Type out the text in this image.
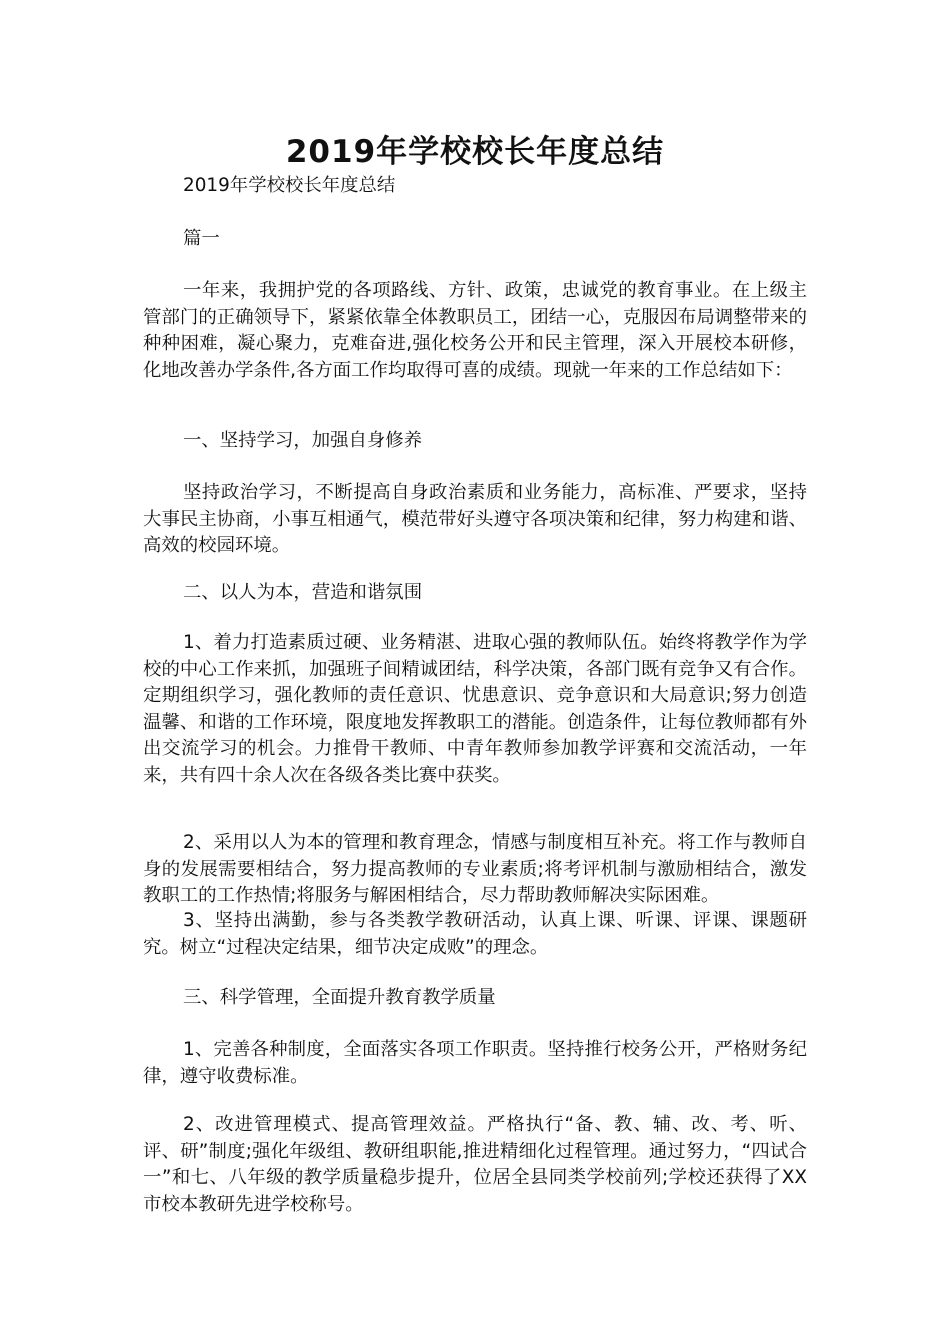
2019年学校校长年度总结

2019年学校校长年度总结

篇一

一年来，我拥护党的各项路线、方针、政策，忠诚党的教育事业。在上级主管部门的正确领导下，紧紧依靠全体教职员工，团结一心，克服因布局调整带来的种种困难，凝心聚力，克难奋进,强化校务公开和民主管理，深入开展校本研修，化地改善办学条件,各方面工作均取得可喜的成绩。现就一年来的工作总结如下：

一、坚持学习，加强自身修养

坚持政治学习，不断提高自身政治素质和业务能力，高标准、严要求，坚持大事民主协商，小事互相通气，模范带好头遵守各项决策和纪律，努力构建和谐、高效的校园环境。

二、以人为本，营造和谐氛围

1、着力打造素质过硬、业务精湛、进取心强的教师队伍。始终将教学作为学校的中心工作来抓，加强班子间精诚团结，科学决策，各部门既有竞争又有合作。定期组织学习，强化教师的责任意识、忧患意识、竞争意识和大局意识;努力创造温馨、和谐的工作环境，限度地发挥教职工的潜能。创造条件，让每位教师都有外出交流学习的机会。力推骨干教师、中青年教师参加教学评赛和交流活动，一年来，共有四十余人次在各级各类比赛中获奖。

2、采用以人为本的管理和教育理念，情感与制度相互补充。将工作与教师自身的发展需要相结合，努力提高教师的专业素质;将考评机制与激励相结合，激发教职工的工作热情;将服务与解困相结合，尽力帮助教师解决实际困难。

3、坚持出满勤，参与各类教学教研活动，认真上课、听课、评课、课题研究。树立“过程决定结果，细节决定成败”的理念。

三、科学管理，全面提升教育教学质量

1、完善各种制度，全面落实各项工作职责。坚持推行校务公开，严格财务纪律，遵守收费标准。

2、改进管理模式、提高管理效益。严格执行“备、教、辅、改、考、听、评、研”制度;强化年级组、教研组职能,推进精细化过程管理。通过努力，“四试合一”和七、八年级的教学质量稳步提升，位居全县同类学校前列;学校还获得了XX市校本教研先进学校称号。
